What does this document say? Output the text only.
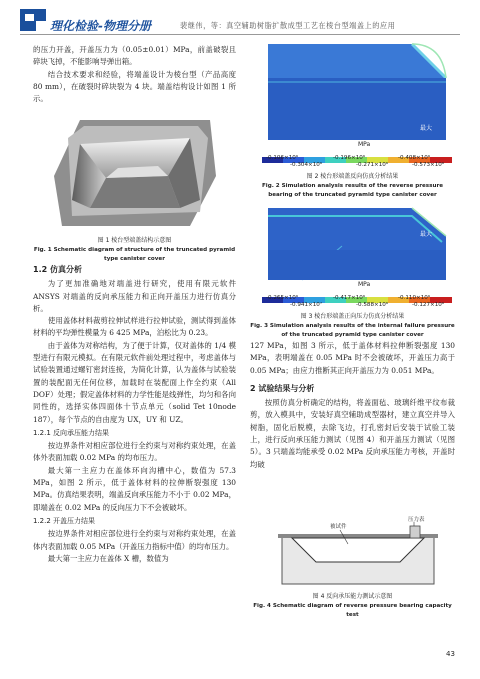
理化检验-物理分册	裴继伟，等：真空辅助树脂扩散成型工艺在棱台型端盖上的应用

的压力开盖，开盖压力为（0.05±0.01）MPa，前盖破裂且碎块飞掉，不能影响导弹出箱。

结合技术要求和经验，将端盖设计为棱台型（产品高度 80 mm），在破裂时碎块裂为 4 块。端盖结构设计如图 1 所示。

图 1 棱台型端盖结构示意图
Fig. 1 Schematic diagram of structure of the truncated pyramid type canister cover
1.2 仿真分析

为了更加准确地对端盖进行研究，使用有限元软件 ANSYS 对端盖的反向承压能力和正向开盖压力进行仿真分析。

使用盖体材料裁剪拉伸试样进行拉伸试验，测试得到盖体材料的平均弹性模量为 6 425 MPa，泊松比为 0.23。

由于盖体为对称结构，为了便于计算，仅对盖体的 1/4 模型进行有限元模拟。在有限元软件前处理过程中，考虑盖体与试验装置通过螺钉密封连接，为简化计算，认为盖体与试验装置的装配面无任何位移，加载时在装配面上作全约束（All DOF）处理；假定盖体材料的力学性能是线弹性，均匀和各向同性的，选择实体四面体十节点单元（solid Tet 10node 187），每个节点的自由度为 UX，UY 和 UZ。

1.2.1 反向承压能力结果

按边界条件对相应部位进行全约束与对称约束处理，在盖体外表面加载 0.02 MPa 的均布压力。

最大第一主应力在盖体环向沟槽中心，数值为 57.3 MPa，如图 2 所示，低于盖体材料的拉伸断裂强度 130 MPa。仿真结果表明，端盖反向承压能力不小于 0.02 MPa，即端盖在 0.02 MPa 的反向压力下不会被破坏。

1.2.2 开盖压力结果

按边界条件对相应部位进行全约束与对称约束处理，在盖体内表面加载 0.05 MPa（开盖压力指标中值）的均布压力。

最大第一主应力在盖体 X 槽，数值为

最大
MPa
-0.106×10⁶	-0.196×10⁶	-0.408×10⁶
-0.304×10⁶	-0.271×10⁶	-0.573×10⁶
图 2 棱台形端盖反向仿真分析结果
Fig. 2 Simulation analysis results of the reverse pressure bearing of the truncated pyramid type canister cover
最大
MPa
-0.265×10⁶	-0.417×10⁶	-0.110×10⁶
-0.941×10⁷	-0.588×10⁶	-0.127×10⁶
图 3 棱台形端盖正向压力仿真分析结果
Fig. 3 Simulation analysis results of the internal failure pressure of the truncated pyramid type canister cover

127 MPa，如图 3 所示，低于盖体材料拉伸断裂强度 130 MPa，表明端盖在 0.05 MPa 时不会被破坏，开盖压力高于 0.05 MPa；由应力推断其正向开盖压力为 0.051 MPa。

2 试验结果与分析

按照仿真分析确定的结构，将盖面毡、玻璃纤维平纹布裁剪，放入模具中，安装好真空辅助成型器材，建立真空并导入树脂，固化后脱模，去除飞边，打孔密封后安装于试验工装上，进行反向承压能力测试（见图 4）和开盖压力测试（见图 5）。3 只端盖均能承受 0.02 MPa 反向承压能力考核，开盖时均破

被试件
压力表
图 4 反向承压能力测试示意图
Fig. 4 Schematic diagram of reverse pressure bearing capacity test
43
